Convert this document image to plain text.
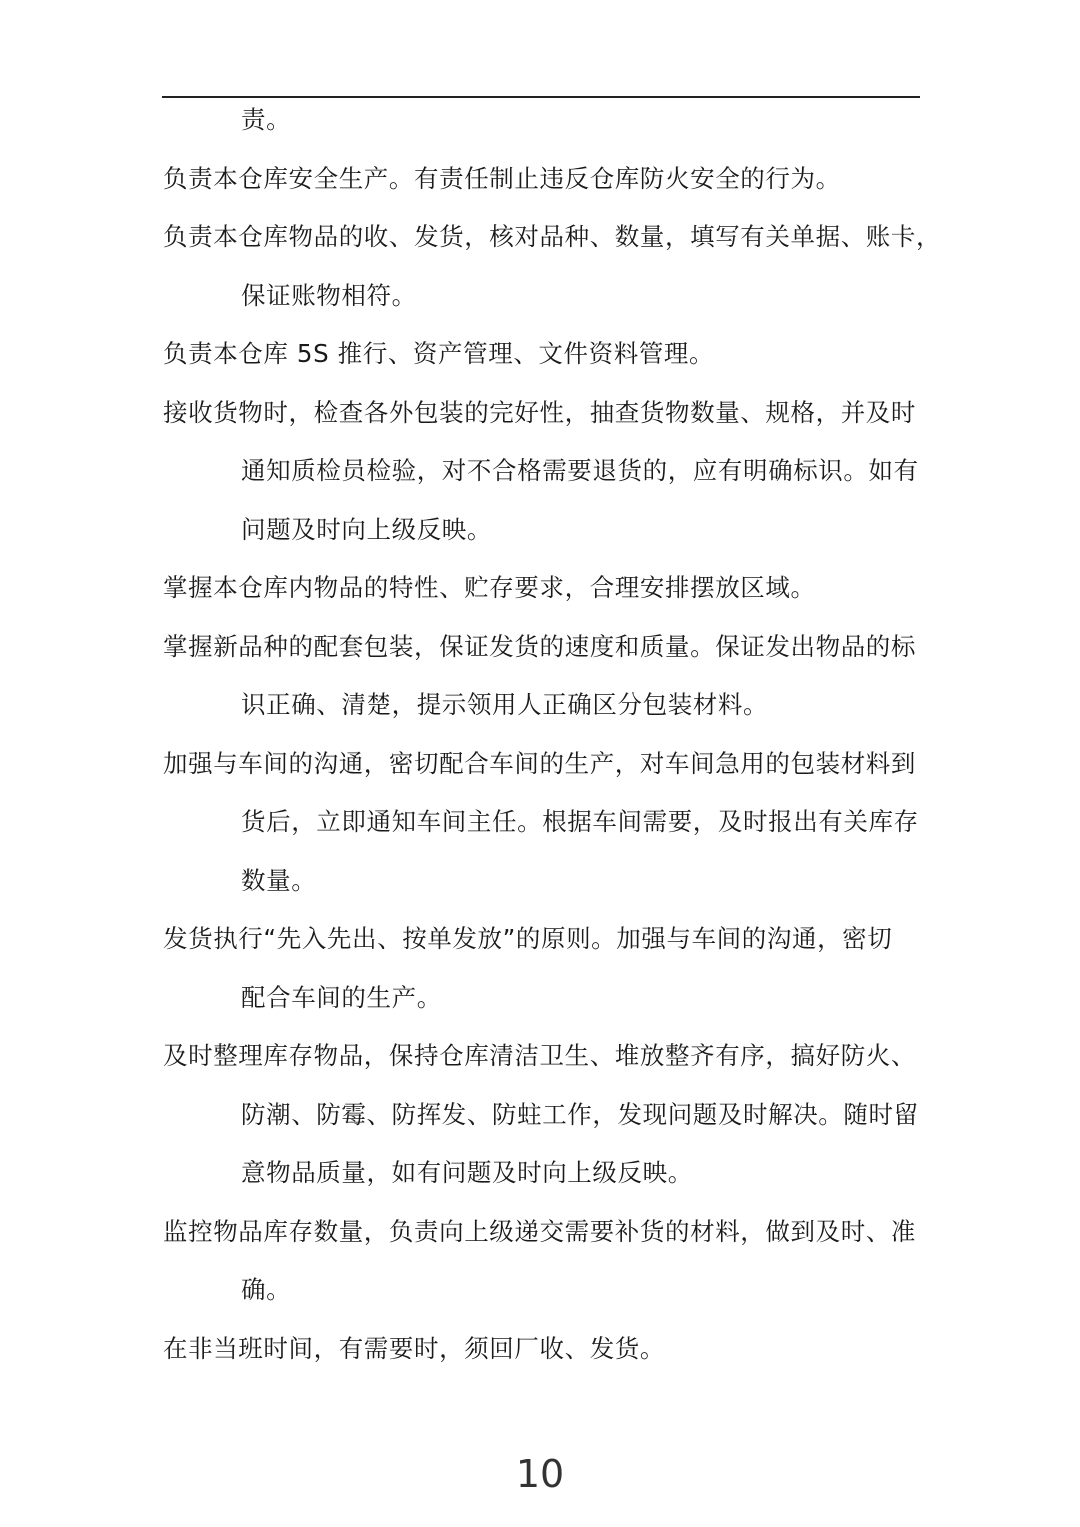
责。
负责本仓库安全生产。有责任制止违反仓库防火安全的行为。
负责本仓库物品的收、发货，核对品种、数量，填写有关单据、账卡，
保证账物相符。
负责本仓库 5S 推行、资产管理、文件资料管理。
接收货物时，检查各外包装的完好性，抽查货物数量、规格，并及时
通知质检员检验，对不合格需要退货的，应有明确标识。如有
问题及时向上级反映。
掌握本仓库内物品的特性、贮存要求，合理安排摆放区域。
掌握新品种的配套包装，保证发货的速度和质量。保证发出物品的标
识正确、清楚，提示领用人正确区分包装材料。
加强与车间的沟通，密切配合车间的生产，对车间急用的包装材料到
货后，立即通知车间主任。根据车间需要，及时报出有关库存
数量。
发货执行“先入先出、按单发放”的原则。加强与车间的沟通，密切
配合车间的生产。
及时整理库存物品，保持仓库清洁卫生、堆放整齐有序，搞好防火、
防潮、防霉、防挥发、防蛀工作，发现问题及时解决。随时留
意物品质量，如有问题及时向上级反映。
监控物品库存数量，负责向上级递交需要补货的材料，做到及时、准
确。
在非当班时间，有需要时，须回厂收、发货。
10
